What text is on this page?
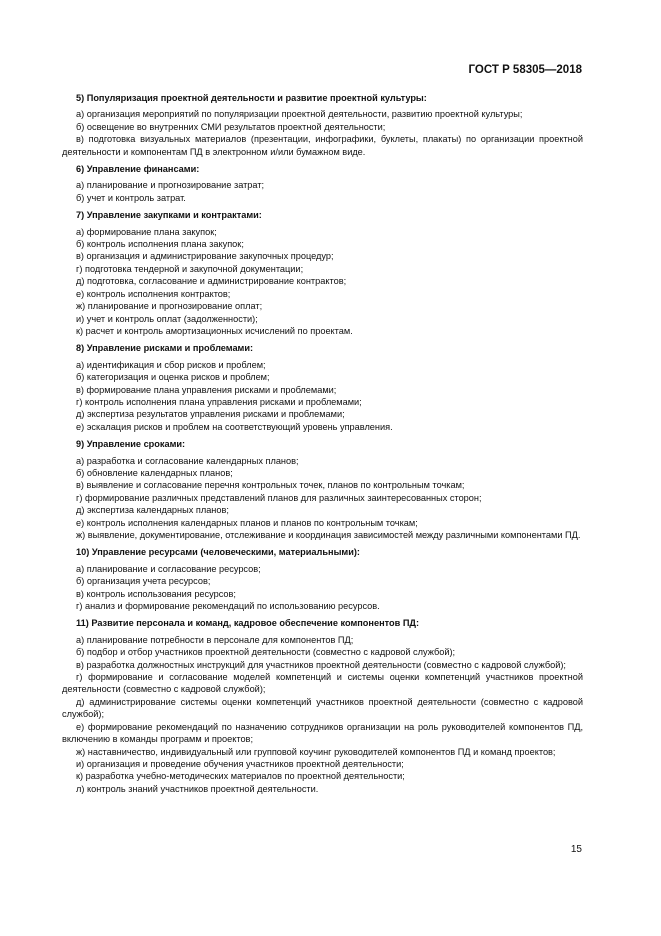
ГОСТ Р 58305—2018

5) Популяризация проектной деятельности и развитие проектной культуры:

а) организация мероприятий по популяризации проектной деятельности, развитию проектной культуры;

б) освещение во внутренних СМИ результатов проектной деятельности;

в) подготовка визуальных материалов (презентации, инфографики, буклеты, плакаты) по организации проектной деятельности и компонентам ПД в электронном и/или бумажном виде.

6) Управление финансами:

а) планирование и прогнозирование затрат;

б) учет и контроль затрат.

7) Управление закупками и контрактами:

а) формирование плана закупок;

б) контроль исполнения плана закупок;

в) организация и администрирование закупочных процедур;

г) подготовка тендерной и закупочной документации;

д) подготовка, согласование и администрирование контрактов;

е) контроль исполнения контрактов;

ж) планирование и прогнозирование оплат;

и) учет и контроль оплат (задолженности);

к) расчет и контроль амортизационных исчислений по проектам.

8) Управление рисками и проблемами:

а) идентификация и сбор рисков и проблем;

б) категоризация и оценка рисков и проблем;

в) формирование плана управления рисками и проблемами;

г) контроль исполнения плана управления рисками и проблемами;

д) экспертиза результатов управления рисками и проблемами;

е) эскалация рисков и проблем на соответствующий уровень управления.

9) Управление сроками:

а) разработка и согласование календарных планов;

б) обновление календарных планов;

в) выявление и согласование перечня контрольных точек, планов по контрольным точкам;

г) формирование различных представлений планов для различных заинтересованных сторон;

д) экспертиза календарных планов;

е) контроль исполнения календарных планов и планов по контрольным точкам;

ж) выявление, документирование, отслеживание и координация зависимостей между различными компонентами ПД.

10) Управление ресурсами (человеческими, материальными):

а) планирование и согласование ресурсов;

б) организация учета ресурсов;

в) контроль использования ресурсов;

г) анализ и формирование рекомендаций по использованию ресурсов.

11) Развитие персонала и команд, кадровое обеспечение компонентов ПД:

а) планирование потребности в персонале для компонентов ПД;

б) подбор и отбор участников проектной деятельности (совместно с кадровой службой);

в) разработка должностных инструкций для участников проектной деятельности (совместно с кадровой службой);

г) формирование и согласование моделей компетенций и системы оценки компетенций участников проектной деятельности (совместно с кадровой службой);

д) администрирование системы оценки компетенций участников проектной деятельности (совместно с кадровой службой);

е) формирование рекомендаций по назначению сотрудников организации на роль руководителей компонентов ПД, включению в команды программ и проектов;

ж) наставничество, индивидуальный или групповой коучинг руководителей компонентов ПД и команд проектов;

и) организация и проведение обучения участников проектной деятельности;

к) разработка учебно-методических материалов по проектной деятельности;

л) контроль знаний участников проектной деятельности.

15
